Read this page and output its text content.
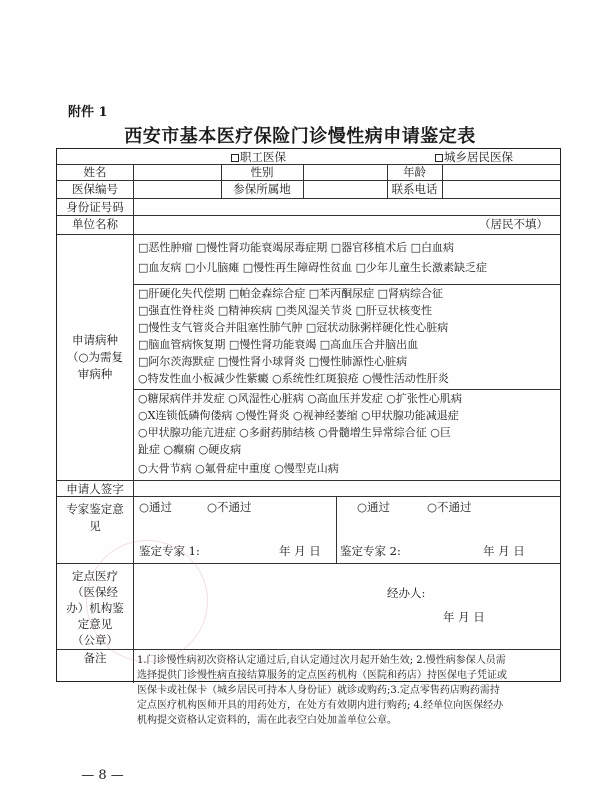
附件 1
西安市基本医疗保险门诊慢性病申请鉴定表
职工医保	城乡居民医保
姓名	性别	年龄
医保编号	参保所属地	联系电话
身份证号码
单位名称	（居民不填）
申请病种
（○为需复
审病种
□恶性肿瘤 □慢性肾功能衰竭尿毒症期 □器官移植术后 □白血病
□血友病 □小儿脑瘫 □慢性再生障碍性贫血 □少年儿童生长激素缺乏症
□肝硬化失代偿期 □帕金森综合症 □苯丙酮尿症 □肾病综合征
□强直性脊柱炎 □精神疾病 □类风湿关节炎 □肝豆状核变性
□慢性支气管炎合并阻塞性肺气肿 □冠状动脉粥样硬化性心脏病
□脑血管病恢复期 □慢性肾功能衰竭 □高血压合并脑出血
□阿尔茨海默症 □慢性肾小球肾炎 □慢性肺源性心脏病
○特发性血小板减少性紫癜 ○系统性红斑狼疮 ○慢性活动性肝炎
○糖尿病伴并发症 ○风湿性心脏病 ○高血压并发症 ○扩张性心肌病
○X连锁低磷佝偻病 ○慢性肾炎 ○视神经萎缩 ○甲状腺功能减退症
○甲状腺功能亢进症 ○多耐药肺结核 ○骨髓增生异常综合征 ○巨
趾症 ○癫痫 ○硬皮病
○大骨节病 ○氟骨症中重度 ○慢型克山病
申请人签字
专家鉴定意
见
○通过	○不通过	○通过	○不通过
鉴定专家 1:	年 月 日 鉴定专家 2:	年 月 日
定点医疗
（医保经
办）机构鉴
定意见
（公章）
经办人:
年 月 日
备注	1.门诊慢性病初次资格认定通过后,自认定通过次月起开始生效; 2.慢性病参保人员需
选择提供门诊慢性病直接结算服务的定点医药机构（医院和药店）持医保电子凭证或
医保卡或社保卡（城乡居民可持本人身份证）就诊或购药;3.定点零售药店购药需持
定点医疗机构医师开具的用药处方，在处方有效期内进行购药; 4.经单位向医保经办
机构提交资格认定资料的，需在此表空白处加盖单位公章。
— 8 —
